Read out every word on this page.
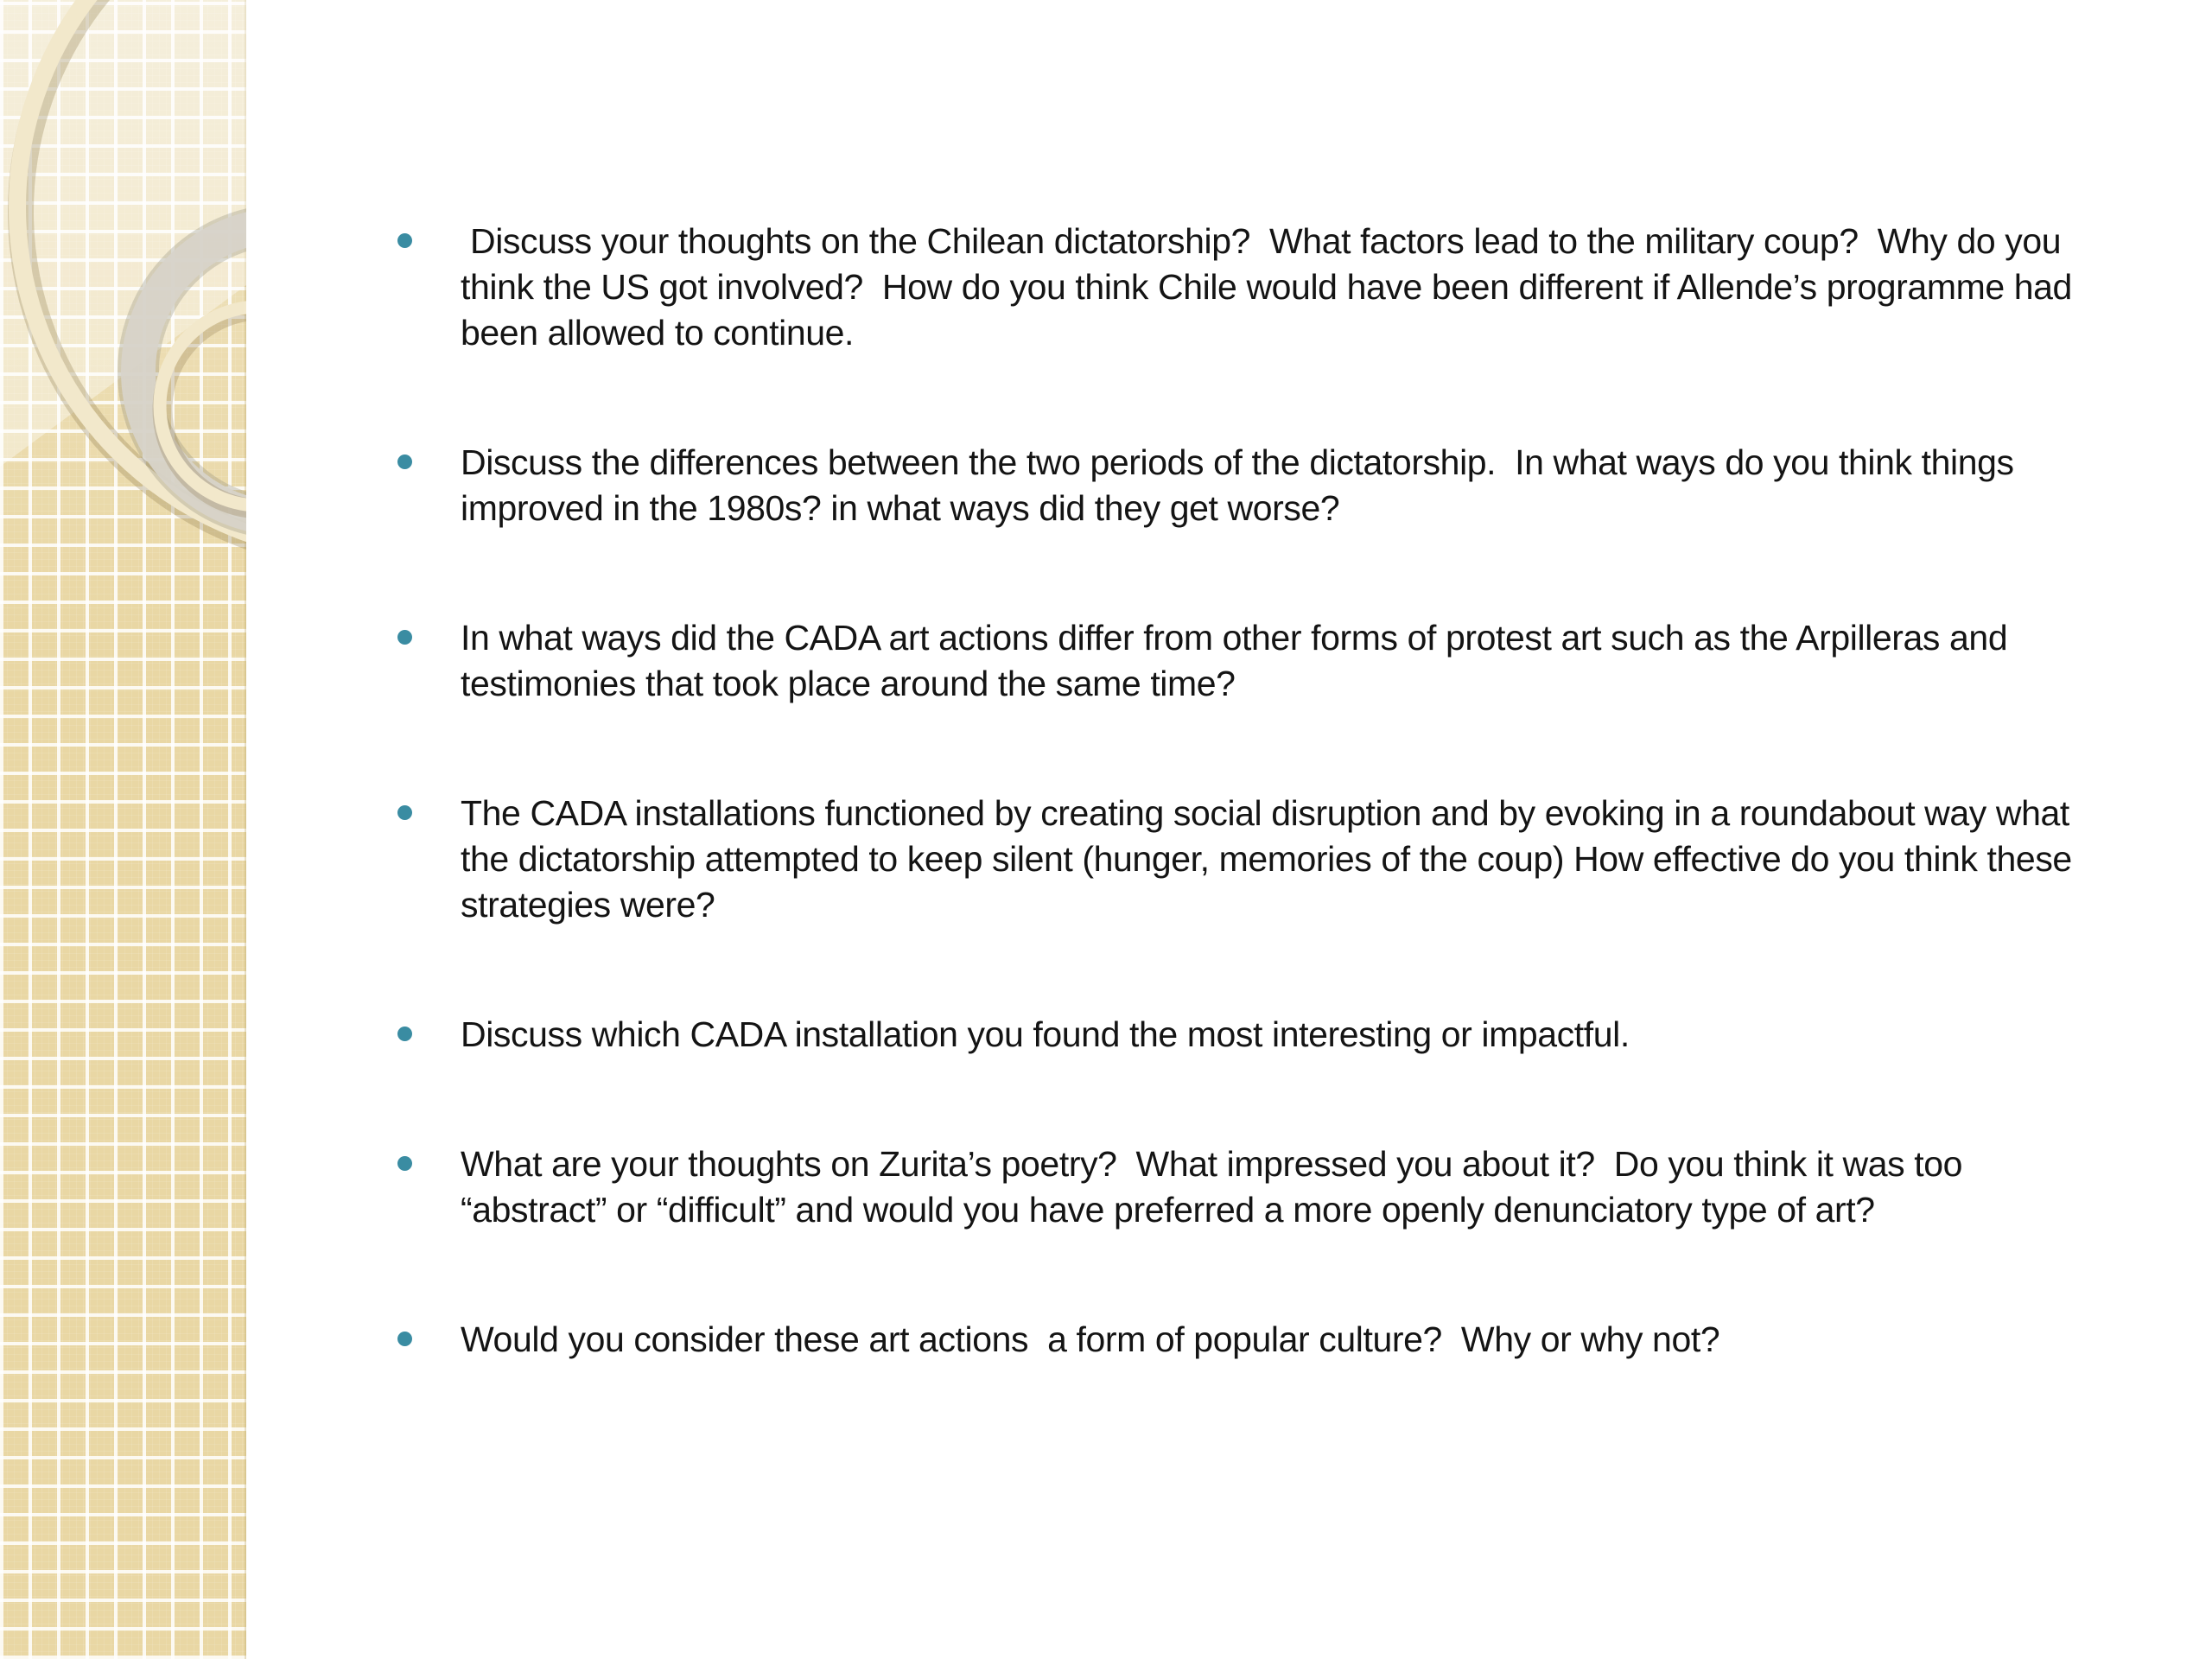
Discuss your thoughts on the Chilean dictatorship?  What factors lead to the military coup?  Why do you think the US got involved?  How do you think Chile would have been different if Allende’s programme had been allowed to continue.
Discuss the differences between the two periods of the dictatorship.  In what ways do you think things improved in the 1980s? in what ways did they get worse?
In what ways did the CADA art actions differ from other forms of protest art such as the Arpilleras and  testimonies that took place around the same time?
The CADA installations functioned by creating social disruption and by evoking in a roundabout way what the dictatorship attempted to keep silent (hunger, memories of the coup) How effective do you think these strategies were?
Discuss which CADA installation you found the most interesting or impactful.
What are your thoughts on Zurita’s poetry?  What impressed you about it?  Do you think it was too “abstract” or “difficult” and would you have preferred a more openly denunciatory type of art?
Would you consider these art actions  a form of popular culture?  Why or why not?
